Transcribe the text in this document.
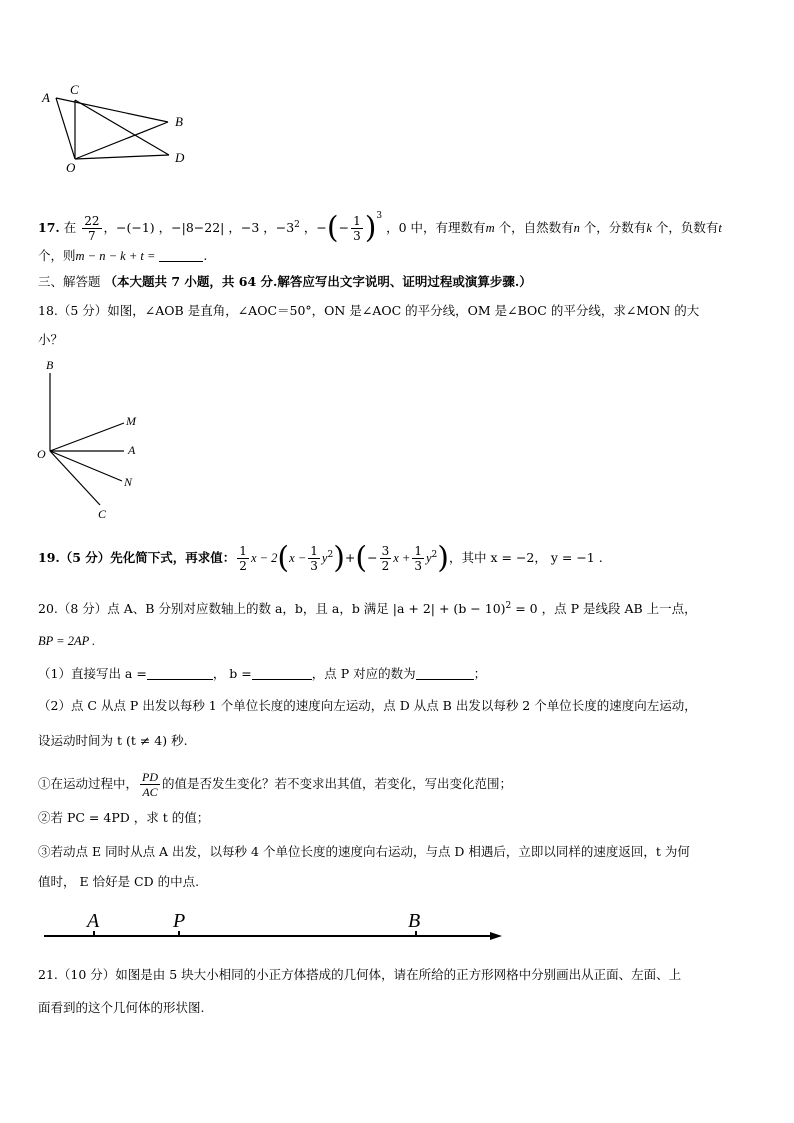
A
C
B
O
D
17. 在 $\frac{22}{7}$ ，−(−1) ，−|8−22| ，−3 ，$-3^2$ ，−(− $\frac{1}{3} )^3$ ，0 中，有理数有m 个，自然数有n 个，分数有k 个，负数有t
个，则m − n − k + t =	.
三、解答题 （本大题共 7 小题，共 64 分.解答应写出文字说明、证明过程或演算步骤.）
18.（5 分）如图，∠AOB 是直角，∠AOC＝50°，ON 是∠AOC 的平分线，OM 是∠BOC 的平分线，求∠MON 的大
小？
B
M
A
O
N
C
19.（5 分）先化简下式，再求值： $\frac{1}{2}$ $x - 2(x - \frac{1}{3} y^2)+(- \frac{3}{2}$ $x + \frac{1}{3} y^2$)，其中 x = −2， y = −1 .
20.（8 分）点 A、B 分别对应数轴上的数 a，b，且 a，b 满足 $|a + 2| + (b - 10)^2 = 0$ ，点 P 是线段 AB 上一点，
BP = 2AP .
（1）直接写出 a =	， b =	，点 P 对应的数为	；
（2）点 C 从点 P 出发以每秒 1 个单位长度的速度向左运动，点 D 从点 B 出发以每秒 2 个单位长度的速度向左运动，
设运动时间为 t (t ≠ 4) 秒.
①在运动过程中， $\frac{PD}{AC}$ 的值是否发生变化？若不变求出其值，若变化，写出变化范围；
②若 PC = 4PD ，求 t 的值；
③若动点 E 同时从点 A 出发，以每秒 4 个单位长度的速度向右运动，与点 D 相遇后，立即以同样的速度返回，t 为何
值时， E 恰好是 CD 的中点.
A	P	B
21.（10 分）如图是由 5 块大小相同的小正方体搭成的几何体，请在所给的正方形网格中分别画出从正面、左面、上
面看到的这个几何体的形状图.
